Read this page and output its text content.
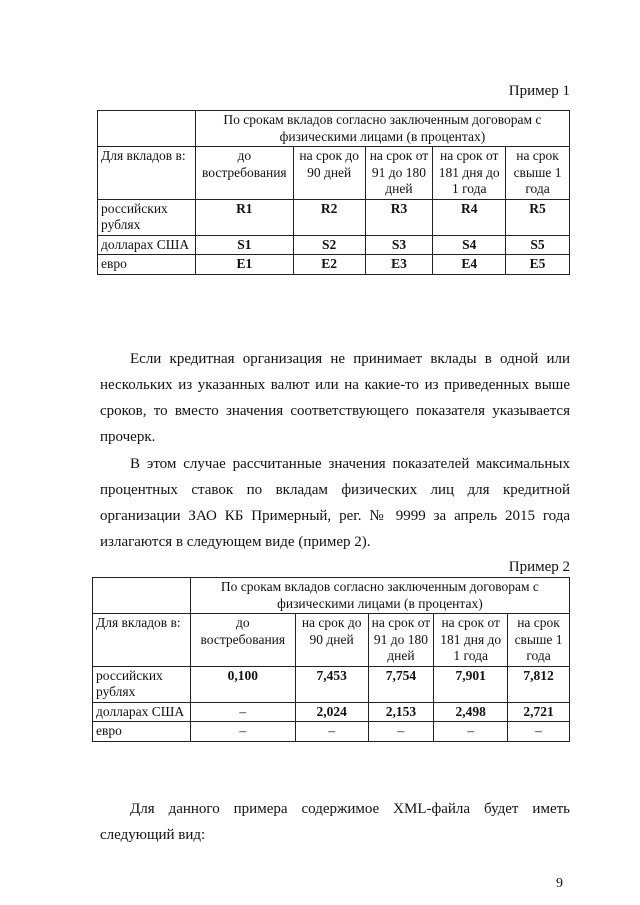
Пример 1
	По срокам вкладов согласно заключенным договорам с физическими лицами (в процентах)				
Для вкладов в:	до востребования	на срок до 90 дней	на срок от 91 до 180 дней	на срок от 181 дня до 1 года	на срок свыше 1 года
российских рублях	R1	R2	R3	R4	R5
долларах США	S1	S2	S3	S4	S5
евро	E1	E2	E3	E4	E5

Если кредитная организация не принимает вклады в одной или нескольких из указанных валют или на какие-то из приведенных выше сроков, то вместо значения соответствующего показателя указывается прочерк.

В этом случае рассчитанные значения показателей максимальных процентных ставок по вкладам физических лиц для кредитной организации ЗАО КБ Примерный, рег. № 9999 за апрель 2015 года излагаются в следующем виде (пример 2).

Пример 2
	По срокам вкладов согласно заключенным договорам с физическими лицами (в процентах)				
Для вкладов в:	до востребования	на срок до 90 дней	на срок от 91 до 180 дней	на срок от 181 дня до 1 года	на срок свыше 1 года
российских рублях	0,100	7,453	7,754	7,901	7,812
долларах США	–	2,024	2,153	2,498	2,721
евро	–	–	–	–	–

Для данного примера содержимое XML-файла будет иметь следующий вид:

9
